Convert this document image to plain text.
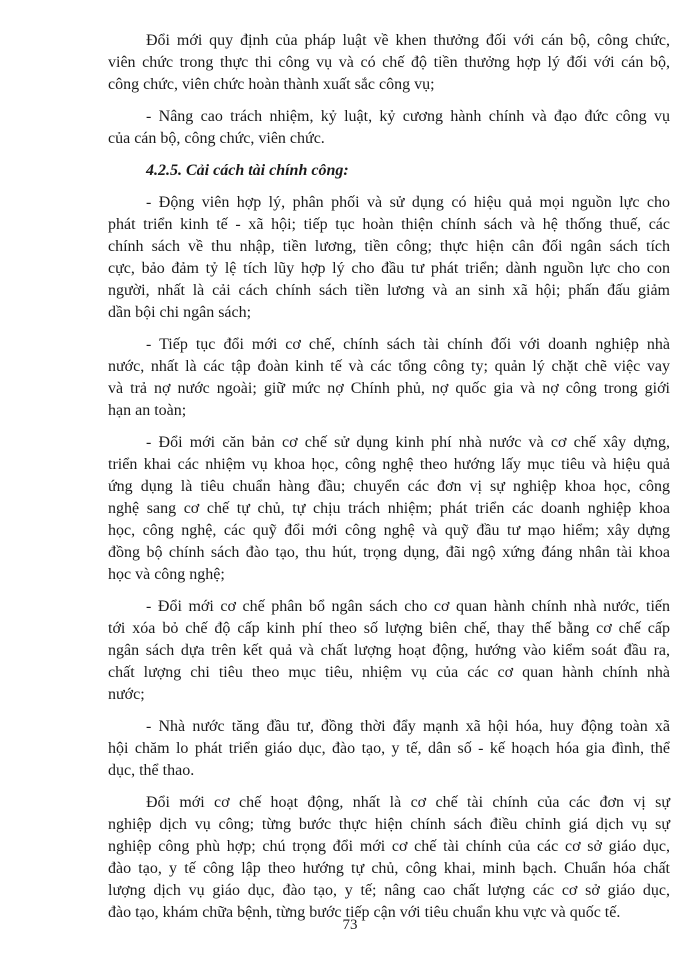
Đổi mới quy định của pháp luật về khen thưởng đối với cán bộ, công chức,
viên chức trong thực thi công vụ và có chế độ tiền thưởng hợp lý đối với cán bộ,
công chức, viên chức hoàn thành xuất sắc công vụ;
- Nâng cao trách nhiệm, kỷ luật, kỷ cương hành chính và đạo đức công vụ
của cán bộ, công chức, viên chức.
4.2.5. Cải cách tài chính công:
- Động viên hợp lý, phân phối và sử dụng có hiệu quả mọi nguồn lực cho
phát triển kinh tế - xã hội; tiếp tục hoàn thiện chính sách và hệ thống thuế, các
chính sách về thu nhập, tiền lương, tiền công; thực hiện cân đối ngân sách tích
cực, bảo đảm tỷ lệ tích lũy hợp lý cho đầu tư phát triển; dành nguồn lực cho con
người, nhất là cải cách chính sách tiền lương và an sinh xã hội; phấn đấu giảm
dần bội chi ngân sách;
- Tiếp tục đổi mới cơ chế, chính sách tài chính đối với doanh nghiệp nhà
nước, nhất là các tập đoàn kinh tế và các tổng công ty; quản lý chặt chẽ việc vay
và trả nợ nước ngoài; giữ mức nợ Chính phủ, nợ quốc gia và nợ công trong giới
hạn an toàn;
- Đổi mới căn bản cơ chế sử dụng kinh phí nhà nước và cơ chế xây dựng,
triển khai các nhiệm vụ khoa học, công nghệ theo hướng lấy mục tiêu và hiệu quả
ứng dụng là tiêu chuẩn hàng đầu; chuyển các đơn vị sự nghiệp khoa học, công
nghệ sang cơ chế tự chủ, tự chịu trách nhiệm; phát triển các doanh nghiệp khoa
học, công nghệ, các quỹ đổi mới công nghệ và quỹ đầu tư mạo hiểm; xây dựng
đồng bộ chính sách đào tạo, thu hút, trọng dụng, đãi ngộ xứng đáng nhân tài khoa
học và công nghệ;
- Đổi mới cơ chế phân bổ ngân sách cho cơ quan hành chính nhà nước, tiến
tới xóa bỏ chế độ cấp kinh phí theo số lượng biên chế, thay thế bằng cơ chế cấp
ngân sách dựa trên kết quả và chất lượng hoạt động, hướng vào kiểm soát đầu ra,
chất lượng chi tiêu theo mục tiêu, nhiệm vụ của các cơ quan hành chính nhà
nước;
- Nhà nước tăng đầu tư, đồng thời đẩy mạnh xã hội hóa, huy động toàn xã
hội chăm lo phát triển giáo dục, đào tạo, y tế, dân số - kế hoạch hóa gia đình, thể
dục, thể thao.
Đổi mới cơ chế hoạt động, nhất là cơ chế tài chính của các đơn vị sự
nghiệp dịch vụ công; từng bước thực hiện chính sách điều chỉnh giá dịch vụ sự
nghiệp công phù hợp; chú trọng đổi mới cơ chế tài chính của các cơ sở giáo dục,
đào tạo, y tế công lập theo hướng tự chủ, công khai, minh bạch. Chuẩn hóa chất
lượng dịch vụ giáo dục, đào tạo, y tế; nâng cao chất lượng các cơ sở giáo dục,
đào tạo, khám chữa bệnh, từng bước tiếp cận với tiêu chuẩn khu vực và quốc tế.
73
